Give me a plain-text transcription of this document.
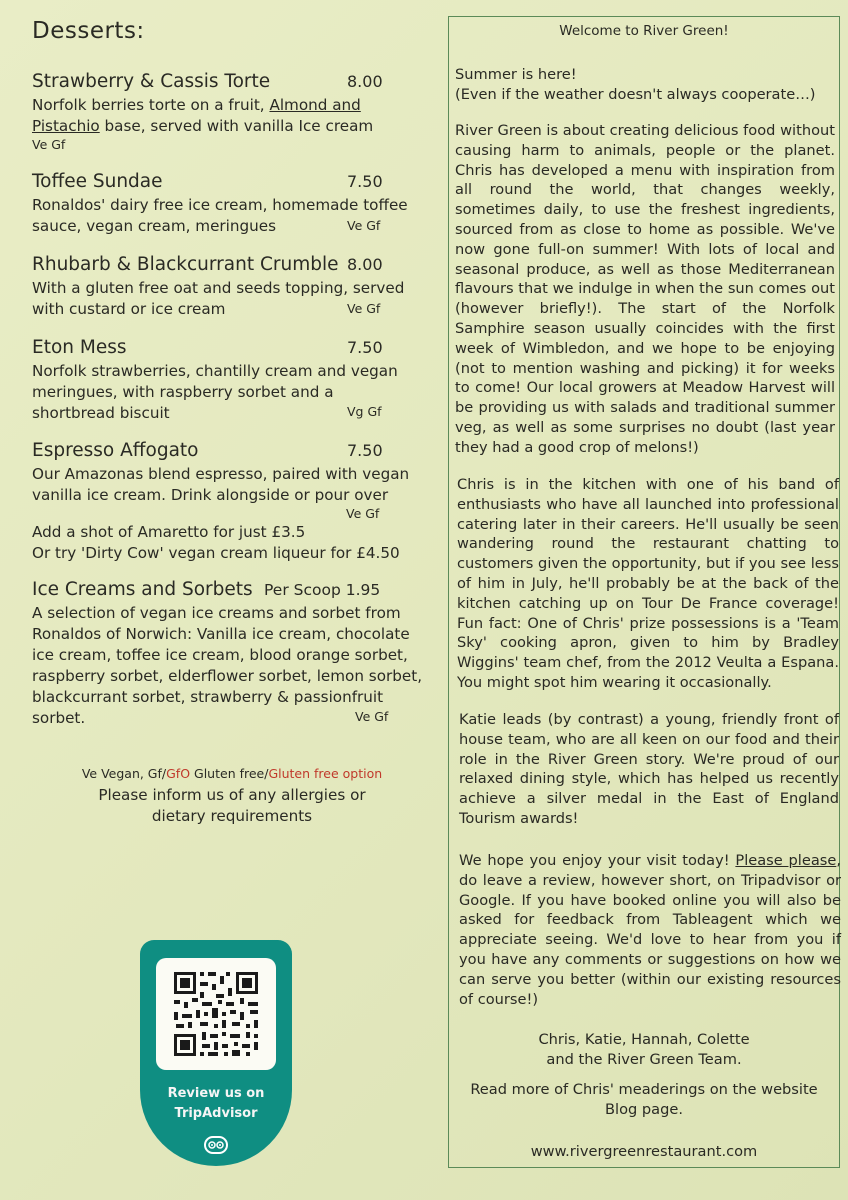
Desserts:
Strawberry & Cassis Torte	8.00
Norfolk berries torte on a fruit, Almond and Pistachio base, served with vanilla Ice cream
Ve Gf
Toffee Sundae	7.50
Ronaldos' dairy free ice cream, homemade toffee sauce, vegan cream, meringues	Ve Gf
Rhubarb & Blackcurrant Crumble 8.00
With a gluten free oat and seeds topping, served with custard or ice cream	Ve Gf
Eton Mess	7.50
Norfolk strawberries, chantilly cream and vegan meringues, with raspberry sorbet and a shortbread biscuit	Vg Gf
Espresso Affogato	7.50
Our Amazonas blend espresso, paired with vegan vanilla ice cream. Drink alongside or pour over
Ve Gf
Add a shot of Amaretto for just £3.5
Or try 'Dirty Cow' vegan cream liqueur for £4.50
Ice Creams and Sorbets Per Scoop 1.95
A selection of vegan ice creams and sorbet from Ronaldos of Norwich: Vanilla ice cream, chocolate ice cream, toffee ice cream, blood orange sorbet, raspberry sorbet, elderflower sorbet, lemon sorbet, blackcurrant sorbet, strawberry & passionfruit sorbet.	Ve Gf
Ve Vegan, Gf/GfO Gluten free/Gluten free option
Please inform us of any allergies or dietary requirements
Review us on TripAdvisor
Welcome to River Green!
Summer is here!
(Even if the weather doesn't always cooperate…)
River Green is about creating delicious food without causing harm to animals, people or the planet. Chris has developed a menu with inspiration from all round the world, that changes weekly, sometimes daily, to use the freshest ingredients, sourced from as close to home as possible. We've now gone full-on summer! With lots of local and seasonal produce, as well as those Mediterranean flavours that we indulge in when the sun comes out (however briefly!). The start of the Norfolk Samphire season usually coincides with the first week of Wimbledon, and we hope to be enjoying (not to mention washing and picking) it for weeks to come! Our local growers at Meadow Harvest will be providing us with salads and traditional summer veg, as well as some surprises no doubt (last year they had a good crop of melons!)
Chris is in the kitchen with one of his band of enthusiasts who have all launched into professional catering later in their careers. He'll usually be seen wandering round the restaurant chatting to customers given the opportunity, but if you see less of him in July, he'll probably be at the back of the kitchen catching up on Tour De France coverage! Fun fact: One of Chris' prize possessions is a 'Team Sky' cooking apron, given to him by Bradley Wiggins' team chef, from the 2012 Veulta a Espana. You might spot him wearing it occasionally.
Katie leads (by contrast) a young, friendly front of house team, who are all keen on our food and their role in the River Green story. We're proud of our relaxed dining style, which has helped us recently achieve a silver medal in the East of England Tourism awards!
We hope you enjoy your visit today! Please please, do leave a review, however short, on Tripadvisor or Google. If you have booked online you will also be asked for feedback from Tableagent which we appreciate seeing. We'd love to hear from you if you have any comments or suggestions on how we can serve you better (within our existing resources of course!)
Chris, Katie, Hannah, Colette
and the River Green Team.
Read more of Chris' meaderings on the website
Blog page.
www.rivergreenrestaurant.com
